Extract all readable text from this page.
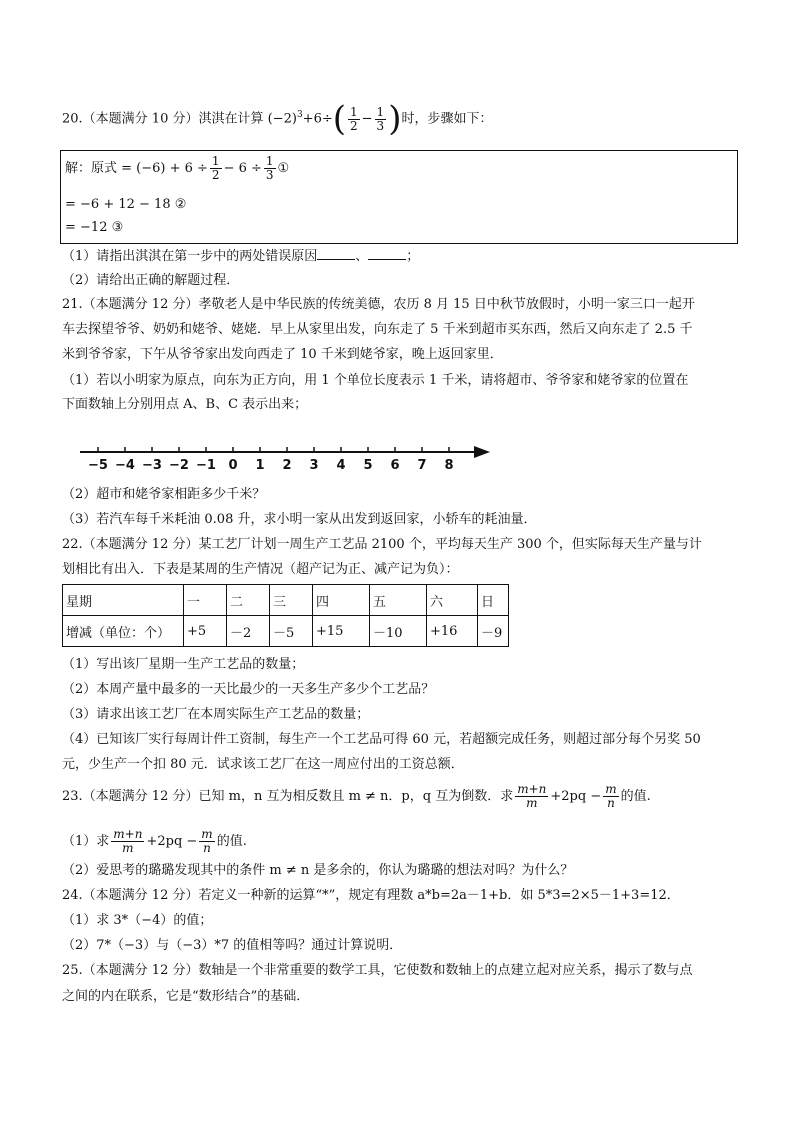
20.（本题满分 10 分）淇淇在计算 $(-2)^3+6\div( \frac{1}{2} - \frac{1}{3}$ )时，步骤如下：
解：原式 = $(-6) + 6 \div \frac{1}{2} - 6 \div \frac{1}{3}$ ①
= −6 + 12 − 18 ②
= −12 ③
（1）请指出淇淇在第一步中的两处错误原因	、	；
（2）请给出正确的解题过程．
21.（本题满分 12 分）孝敬老人是中华民族的传统美德，农历 8 月 15 日中秋节放假时，小明一家三口一起开
车去探望爷爷、奶奶和姥爷、姥姥．早上从家里出发，向东走了 5 千米到超市买东西，然后又向东走了 2.5 千
米到爷爷家，下午从爷爷家出发向西走了 10 千米到姥爷家，晚上返回家里．
（1）若以小明家为原点，向东为正方向，用 1 个单位长度表示 1 千米，请将超市、爷爷家和姥爷家的位置在
下面数轴上分别用点 A、B、C 表示出来；
−5 −4 −3 −2 −1 0 1 2 3 4 5 6 7 8
（2）超市和姥爷家相距多少千米？
（3）若汽车每千米耗油 0.08 升，求小明一家从出发到返回家，小轿车的耗油量．
22.（本题满分 12 分）某工艺厂计划一周生产工艺品 2100 个，平均每天生产 300 个，但实际每天生产量与计
划相比有出入．下表是某周的生产情况（超产记为正、减产记为负）：
星期	一	二	三	四	五	六	日
增减（单位：个）	+5	－2	－5	+15	－10	+16	－9
（1）写出该厂星期一生产工艺品的数量；
（2）本周产量中最多的一天比最少的一天多生产多少个工艺品？
（3）请求出该工艺厂在本周实际生产工艺品的数量；
（4）已知该厂实行每周计件工资制，每生产一个工艺品可得 60 元，若超额完成任务，则超过部分每个另奖 50
元，少生产一个扣 80 元．试求该工艺厂在这一周应付出的工资总额．
23.（本题满分 12 分）已知 m，n 互为相反数且 m ≠ n．p，q 互为倒数．求 $\frac{m+n}{m} +2pq - \frac{m}{n}$ 的值.
（1）求 $\frac{m+n}{m} +2pq - \frac{m}{n}$ 的值.
（2）爱思考的璐璐发现其中的条件 m ≠ n 是多余的，你认为璐璐的想法对吗？为什么？
24.（本题满分 12 分）若定义一种新的运算“*”，规定有理数 a*b=2a－1+b．如 5*3=2×5－1+3=12．
（1）求 3*（−4）的值；
（2）7*（−3）与（−3）*7 的值相等吗？通过计算说明．
25.（本题满分 12 分）数轴是一个非常重要的数学工具，它使数和数轴上的点建立起对应关系，揭示了数与点
之间的内在联系，它是“数形结合”的基础．
